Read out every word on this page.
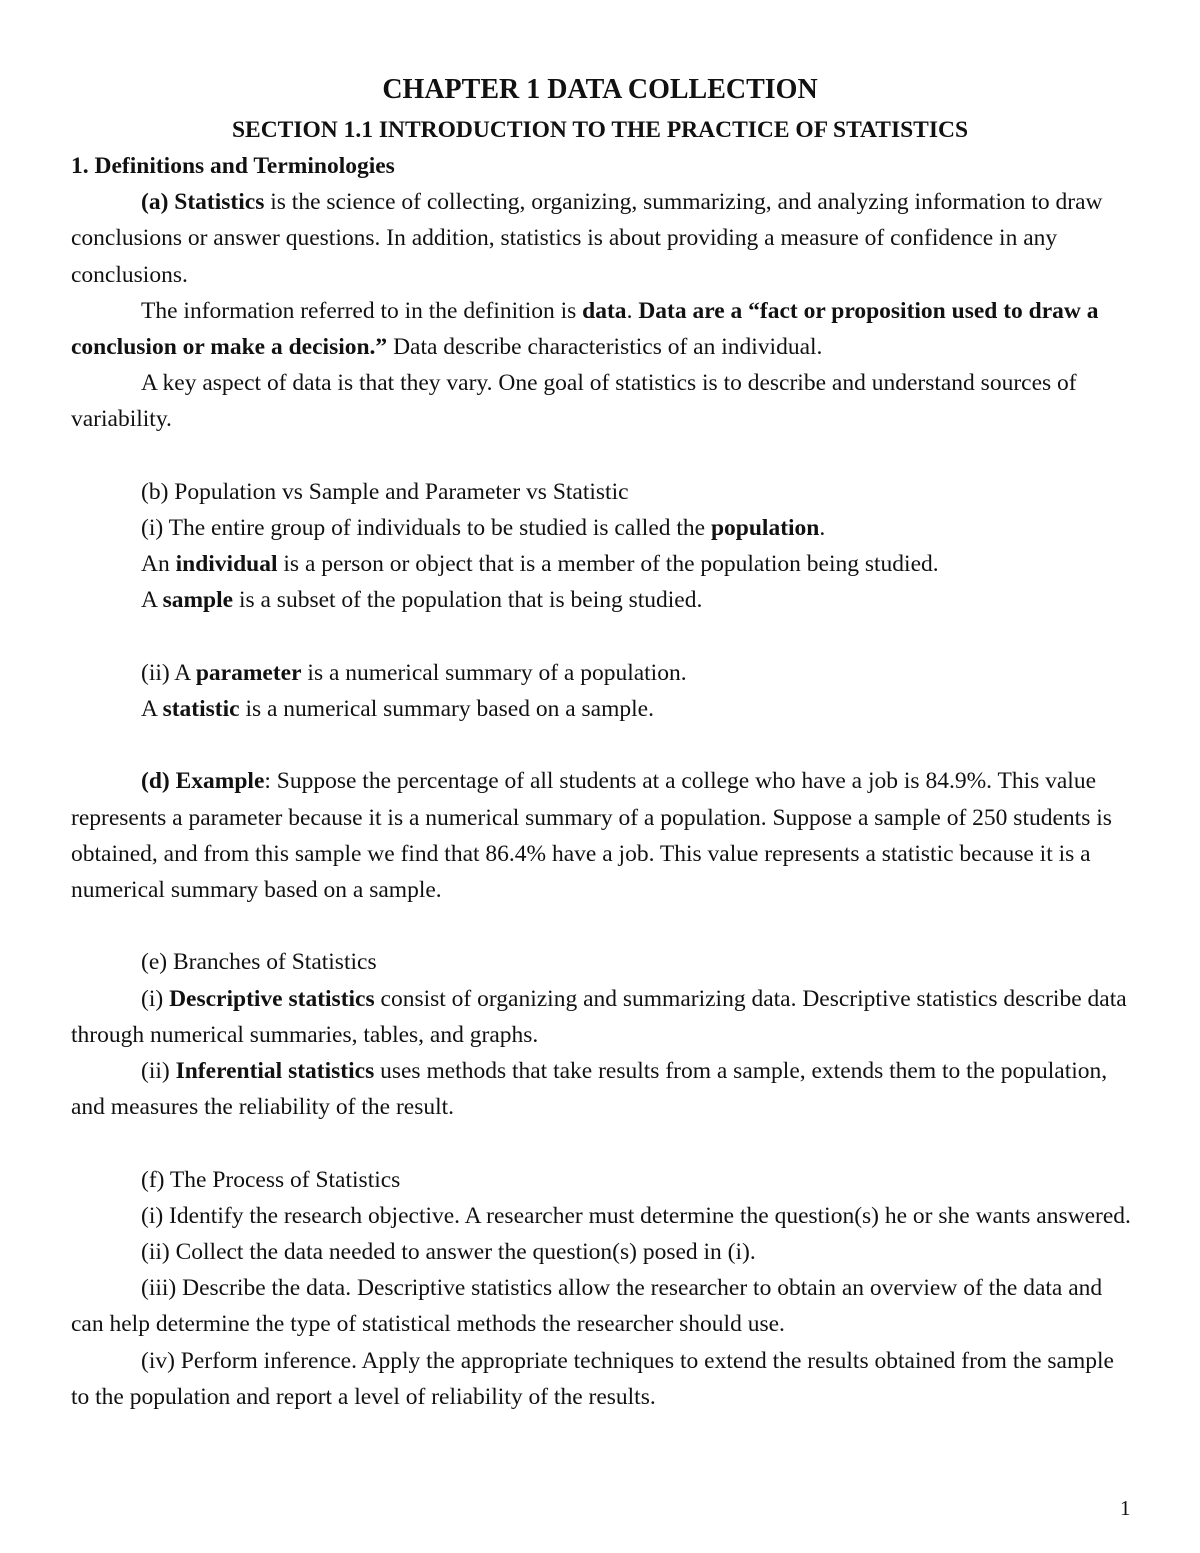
CHAPTER 1 DATA COLLECTION
SECTION 1.1 INTRODUCTION TO THE PRACTICE OF STATISTICS

1. Definitions and Terminologies

(a) Statistics is the science of collecting, organizing, summarizing, and analyzing information to draw conclusions or answer questions. In addition, statistics is about providing a measure of confidence in any conclusions.

The information referred to in the definition is data. Data are a “fact or proposition used to draw a conclusion or make a decision.” Data describe characteristics of an individual.

A key aspect of data is that they vary. One goal of statistics is to describe and understand sources of variability.

(b) Population vs Sample and Parameter vs Statistic

(i) The entire group of individuals to be studied is called the population.

An individual is a person or object that is a member of the population being studied.

A sample is a subset of the population that is being studied.

(ii) A parameter is a numerical summary of a population.

A statistic is a numerical summary based on a sample.

(d) Example: Suppose the percentage of all students at a college who have a job is 84.9%. This value represents a parameter because it is a numerical summary of a population. Suppose a sample of 250 students is obtained, and from this sample we find that 86.4% have a job. This value represents a statistic because it is a numerical summary based on a sample.

(e) Branches of Statistics

(i) Descriptive statistics consist of organizing and summarizing data. Descriptive statistics describe data through numerical summaries, tables, and graphs.

(ii) Inferential statistics uses methods that take results from a sample, extends them to the population, and measures the reliability of the result.

(f) The Process of Statistics

(i) Identify the research objective. A researcher must determine the question(s) he or she wants answered.

(ii) Collect the data needed to answer the question(s) posed in (i).

(iii) Describe the data. Descriptive statistics allow the researcher to obtain an overview of the data and can help determine the type of statistical methods the researcher should use.

(iv) Perform inference. Apply the appropriate techniques to extend the results obtained from the sample to the population and report a level of reliability of the results.

1
